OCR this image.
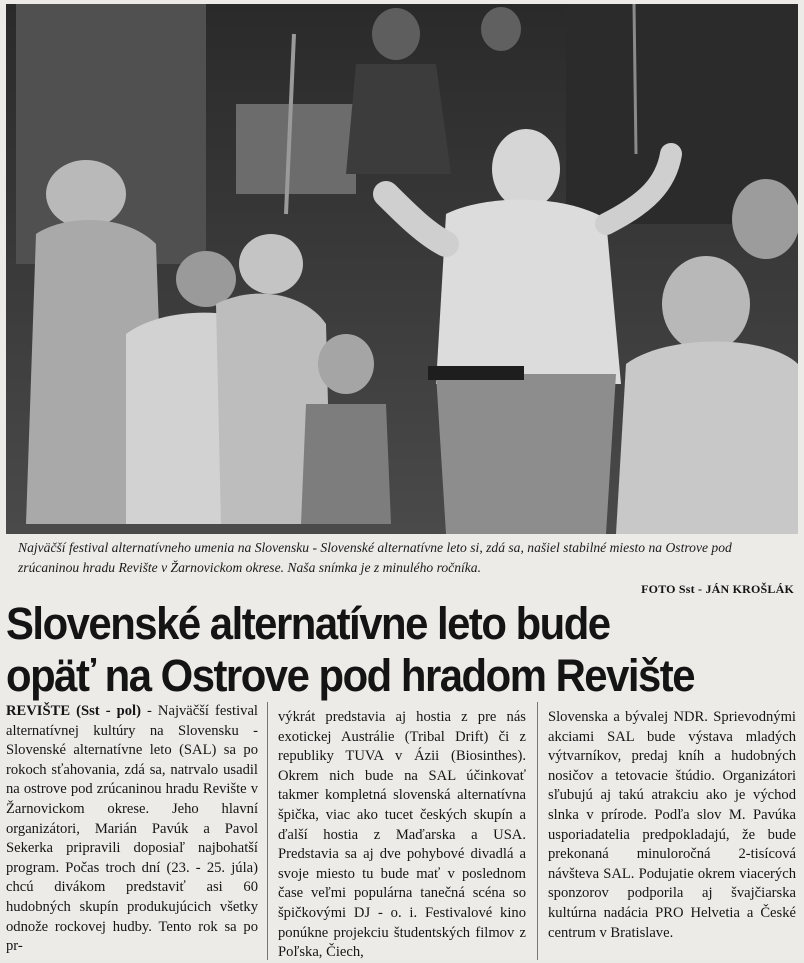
Najväčší festival alternatívneho umenia na Slovensku - Slovenské alternatívne leto si, zdá sa, našiel stabilné miesto na Ostrove pod zrúcaninou hradu Revište v Žarnovickom okrese. Naša snímka je z minulého ročníka.
FOTO Sst - JÁN KROŠLÁK
Slovenské alternatívne leto bude
opäť na Ostrove pod hradom Revište

REVIŠTE (Sst - pol) - Najväčší festival alternatívnej kultúry na Slovensku - Slovenské alternatívne leto (SAL) sa po rokoch sťahovania, zdá sa, natrvalo usadil na ostrove pod zrúcaninou hradu Revište v Žarnovickom okrese. Jeho hlavní organizátori, Marián Pavúk a Pavol Sekerka pripravili doposiaľ najbohatší program. Počas troch dní (23. - 25. júla) chcú divákom predstaviť asi 60 hudobných skupín produkujúcich všetky odnože rockovej hudby. Tento rok sa po pr-

výkrát predstavia aj hostia z pre nás exotickej Austrálie (Tribal Drift) či z republiky TUVA v Ázii (Biosinthes). Okrem nich bude na SAL účinkovať takmer kompletná slovenská alternatívna špička, viac ako tucet českých skupín a ďalší hostia z Maďarska a USA. Predstavia sa aj dve pohybové divadlá a svoje miesto tu bude mať v poslednom čase veľmi populárna tanečná scéna so špičkovými DJ - o. i. Festivalové kino ponúkne projekciu študentských filmov z Poľska, Čiech,

Slovenska a bývalej NDR. Sprievodnými akciami SAL bude výstava mladých výtvarníkov, predaj kníh a hudobných nosičov a tetovacie štúdio. Organizátori sľubujú aj takú atrakciu ako je východ slnka v prírode. Podľa slov M. Pavúka usporiadatelia predpokladajú, že bude prekonaná minuloročná 2-tisícová návšteva SAL. Podujatie okrem viacerých sponzorov podporila aj švajčiarska kultúrna nadácia PRO Helvetia a České centrum v Bratislave.
